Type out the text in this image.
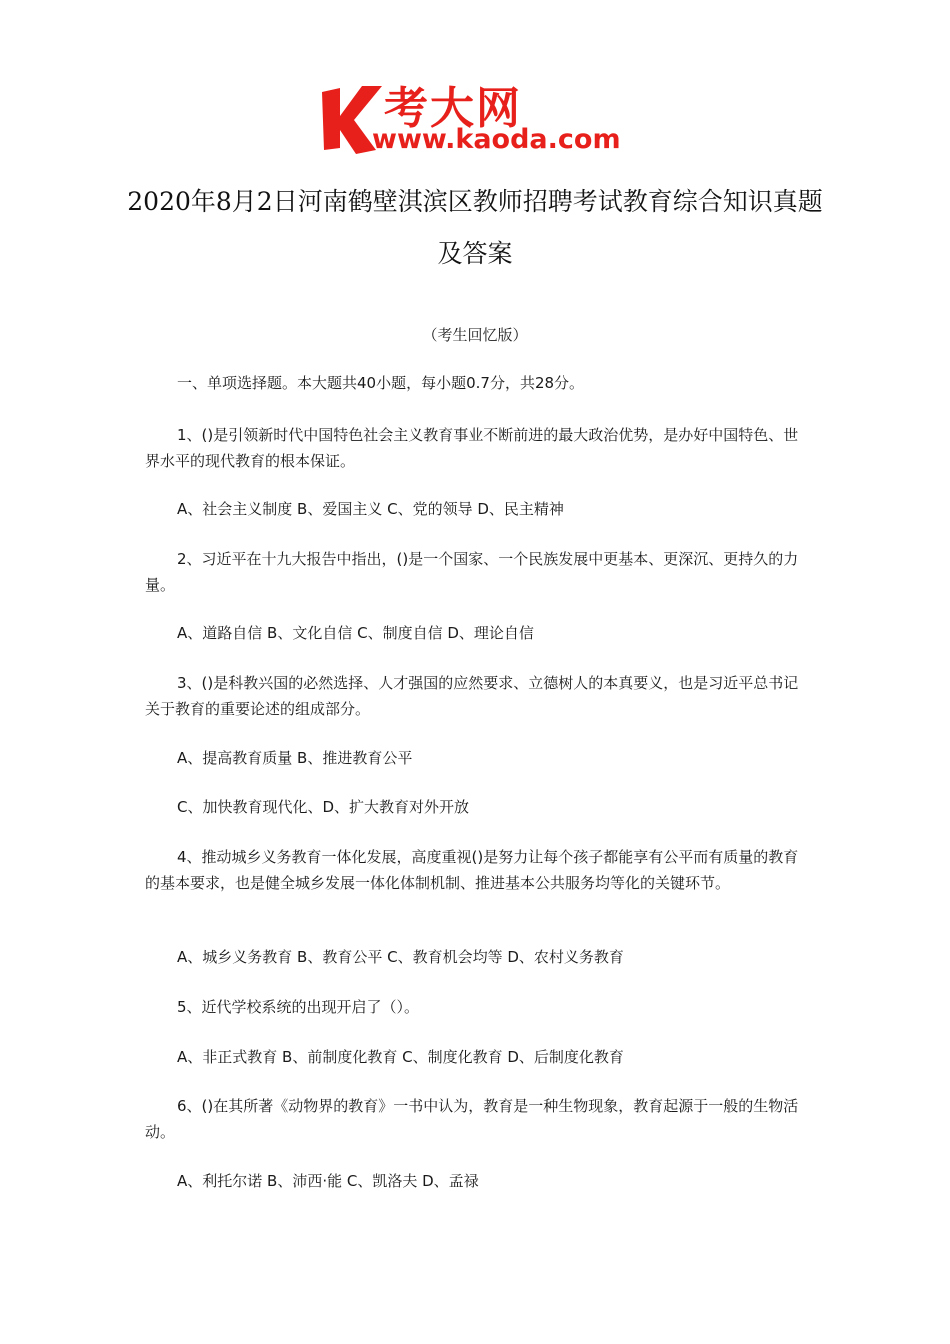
考大网
www.kaoda.com
2020年8月2日河南鹤壁淇滨区教师招聘考试教育综合知识真题及答案
（考生回忆版）

一、单项选择题。本大题共40小题，每小题0.7分，共28分。

1、()是引领新时代中国特色社会主义教育事业不断前进的最大政治优势，是办好中国特色、世界水平的现代教育的根本保证。

A、社会主义制度 B、爱国主义 C、党的领导 D、民主精神

2、习近平在十九大报告中指出，()是一个国家、一个民族发展中更基本、更深沉、更持久的力量。

A、道路自信 B、文化自信 C、制度自信 D、理论自信

3、()是科教兴国的必然选择、人才强国的应然要求、立德树人的本真要义，也是习近平总书记关于教育的重要论述的组成部分。

A、提高教育质量 B、推进教育公平

C、加快教育现代化、D、扩大教育对外开放

4、推动城乡义务教育一体化发展，高度重视()是努力让每个孩子都能享有公平而有质量的教育的基本要求，也是健全城乡发展一体化体制机制、推进基本公共服务均等化的关键环节。

A、城乡义务教育 B、教育公平 C、教育机会均等 D、农村义务教育

5、近代学校系统的出现开启了（）。

A、非正式教育 B、前制度化教育 C、制度化教育 D、后制度化教育

6、()在其所著《动物界的教育》一书中认为，教育是一种生物现象，教育起源于一般的生物活动。

A、利托尔诺 B、沛西·能 C、凯洛夫 D、孟禄
